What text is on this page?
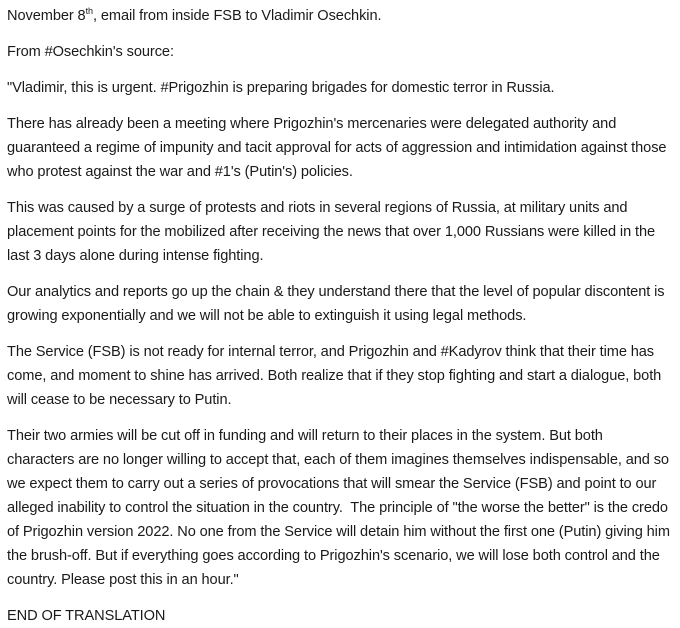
November 8th, email from inside FSB to Vladimir Osechkin.

From #Osechkin's source:

"Vladimir, this is urgent. #Prigozhin is preparing brigades for domestic terror in Russia.

There has already been a meeting where Prigozhin's mercenaries were delegated authority and guaranteed a regime of impunity and tacit approval for acts of aggression and intimidation against those who protest against the war and #1's (Putin's) policies.

This was caused by a surge of protests and riots in several regions of Russia, at military units and placement points for the mobilized after receiving the news that over 1,000 Russians were killed in the last 3 days alone during intense fighting.

Our analytics and reports go up the chain & they understand there that the level of popular discontent is growing exponentially and we will not be able to extinguish it using legal methods.

The Service (FSB) is not ready for internal terror, and Prigozhin and #Kadyrov think that their time has come, and moment to shine has arrived. Both realize that if they stop fighting and start a dialogue, both will cease to be necessary to Putin.

Their two armies will be cut off in funding and will return to their places in the system. But both characters are no longer willing to accept that, each of them imagines themselves indispensable, and so we expect them to carry out a series of provocations that will smear the Service (FSB) and point to our alleged inability to control the situation in the country.  The principle of "the worse the better" is the credo of Prigozhin version 2022. No one from the Service will detain him without the first one (Putin) giving him the brush-off. But if everything goes according to Prigozhin's scenario, we will lose both control and the country. Please post this in an hour."

END OF TRANSLATION
